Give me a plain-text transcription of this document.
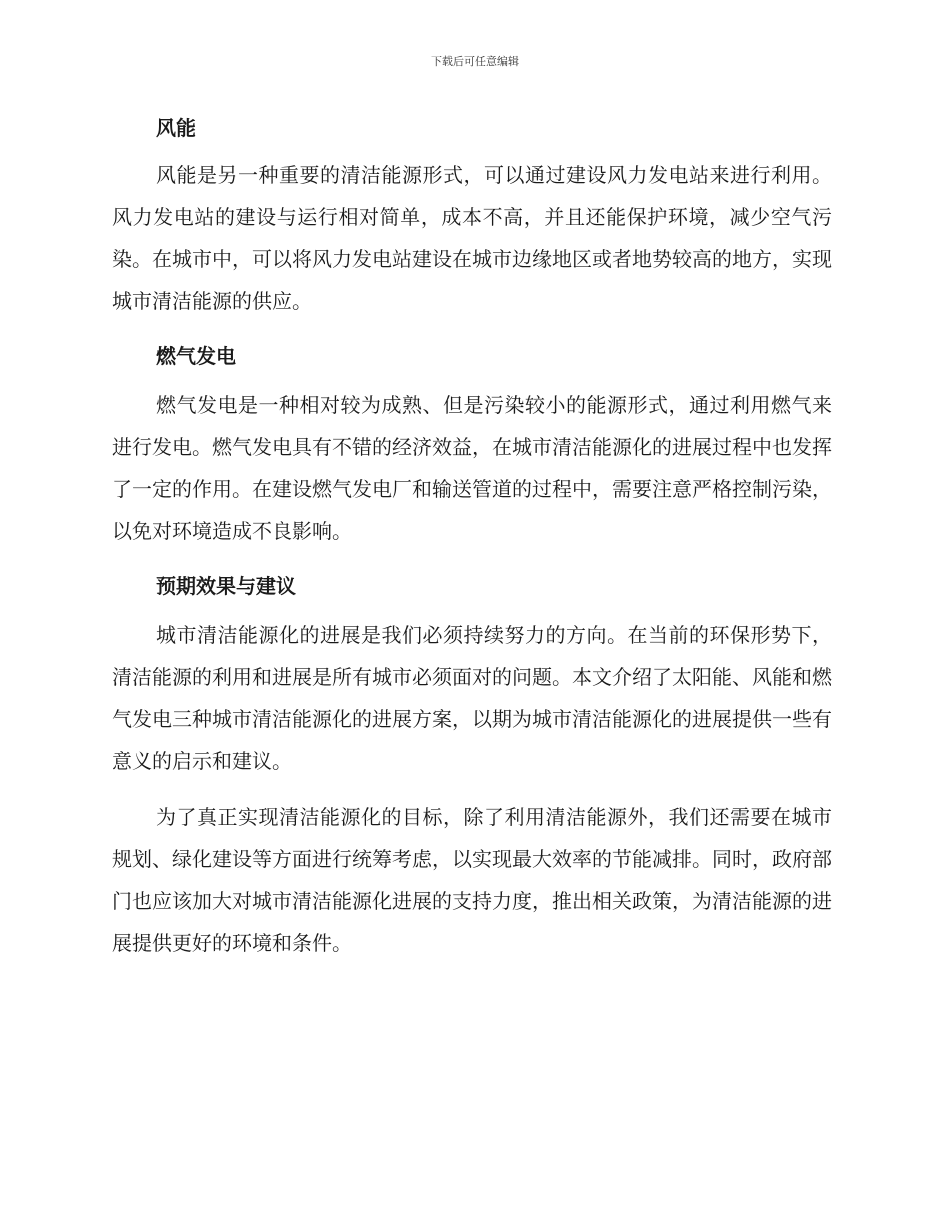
下载后可任意编辑
风能

风能是另一种重要的清洁能源形式，可以通过建设风力发电站来进行利用。风力发电站的建设与运行相对简单，成本不高，并且还能保护环境，减少空气污染。在城市中，可以将风力发电站建设在城市边缘地区或者地势较高的地方，实现城市清洁能源的供应。

燃气发电

燃气发电是一种相对较为成熟、但是污染较小的能源形式，通过利用燃气来进行发电。燃气发电具有不错的经济效益，在城市清洁能源化的进展过程中也发挥了一定的作用。在建设燃气发电厂和输送管道的过程中，需要注意严格控制污染，以免对环境造成不良影响。

预期效果与建议

城市清洁能源化的进展是我们必须持续努力的方向。在当前的环保形势下，清洁能源的利用和进展是所有城市必须面对的问题。本文介绍了太阳能、风能和燃气发电三种城市清洁能源化的进展方案，以期为城市清洁能源化的进展提供一些有意义的启示和建议。

为了真正实现清洁能源化的目标，除了利用清洁能源外，我们还需要在城市规划、绿化建设等方面进行统筹考虑，以实现最大效率的节能减排。同时，政府部门也应该加大对城市清洁能源化进展的支持力度，推出相关政策，为清洁能源的进展提供更好的环境和条件。
